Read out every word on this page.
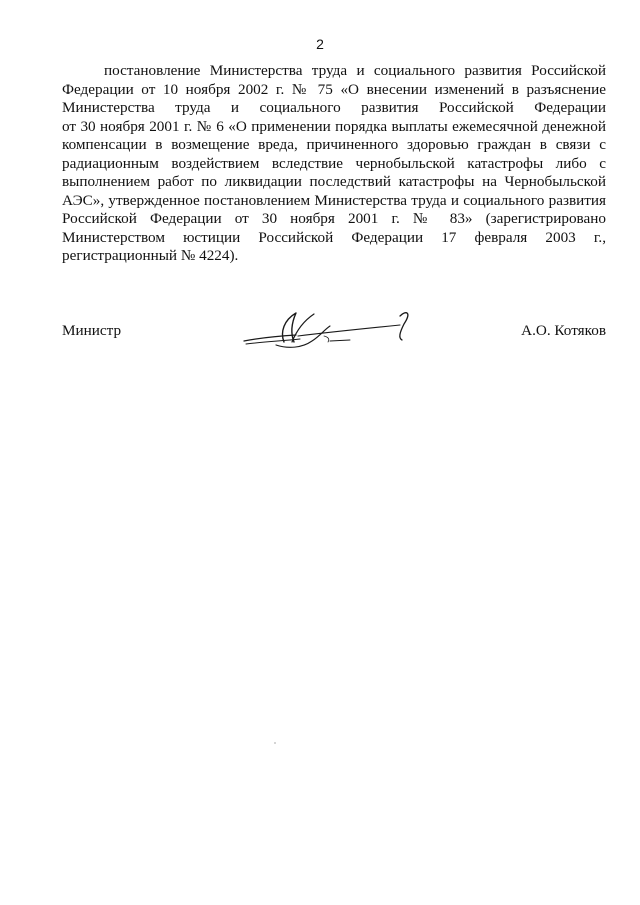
2
постановление Министерства труда и социального развития Российской
Федерации от 10 ноября 2002 г. № 75 «О внесении изменений в разъяснение
Министерства труда и социального развития Российской Федерации
от 30 ноября 2001 г. № 6 «О применении порядка выплаты ежемесячной денежной
компенсации в возмещение вреда, причиненного здоровью граждан в связи с
радиационным воздействием вследствие чернобыльской катастрофы либо с
выполнением работ по ликвидации последствий катастрофы на Чернобыльской
АЭС», утвержденное постановлением Министерства труда и социального развития
Российской Федерации от 30 ноября 2001 г. № 83» (зарегистрировано
Министерством юстиции Российской Федерации 17 февраля 2003 г.,
регистрационный № 4224).
Министр	А.О. Котяков
